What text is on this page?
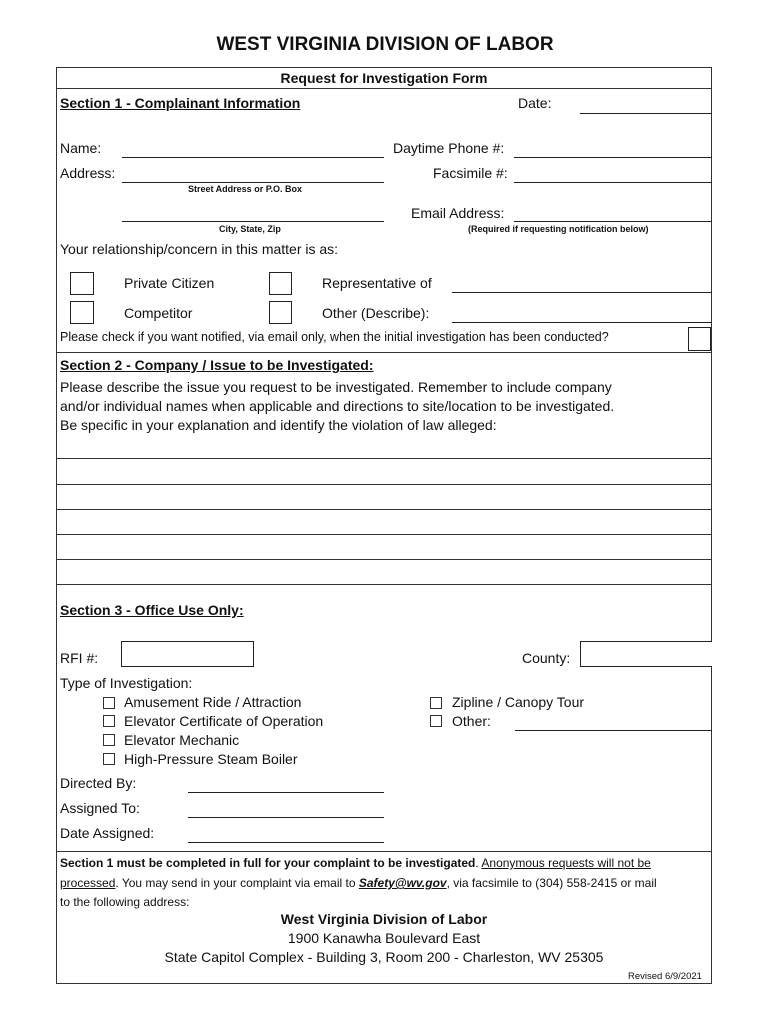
WEST VIRGINIA DIVISION OF LABOR
Request for Investigation Form
Section 1 - Complainant Information	Date:
Name:	Daytime Phone #:
Address:	Facsimile #:
Street Address or P.O. Box
Email Address:
City, State, Zip	(Required if requesting notification below)
Your relationship/concern in this matter is as:
Private Citizen	Representative of
Competitor	Other (Describe):
Please check if you want notified, via email only, when the initial investigation has been conducted?
Section 2 - Company / Issue to be Investigated:
Please describe the issue you request to be investigated. Remember to include company
and/or individual names when applicable and directions to site/location to be investigated.
Be specific in your explanation and identify the violation of law alleged:
Section 3 - Office Use Only:
RFI #:	County:
Type of Investigation:
Amusement Ride / Attraction
Elevator Certificate of Operation
Elevator Mechanic
High-Pressure Steam Boiler
Zipline / Canopy Tour
Other:
Directed By:
Assigned To:
Date Assigned:
Section 1 must be completed in full for your complaint to be investigated. Anonymous requests will not be
processed. You may send in your complaint via email to Safety@wv.gov, via facsimile to (304) 558-2415 or mail
to the following address:
West Virginia Division of Labor
1900 Kanawha Boulevard East
State Capitol Complex - Building 3, Room 200 - Charleston, WV 25305
Revised 6/9/2021
